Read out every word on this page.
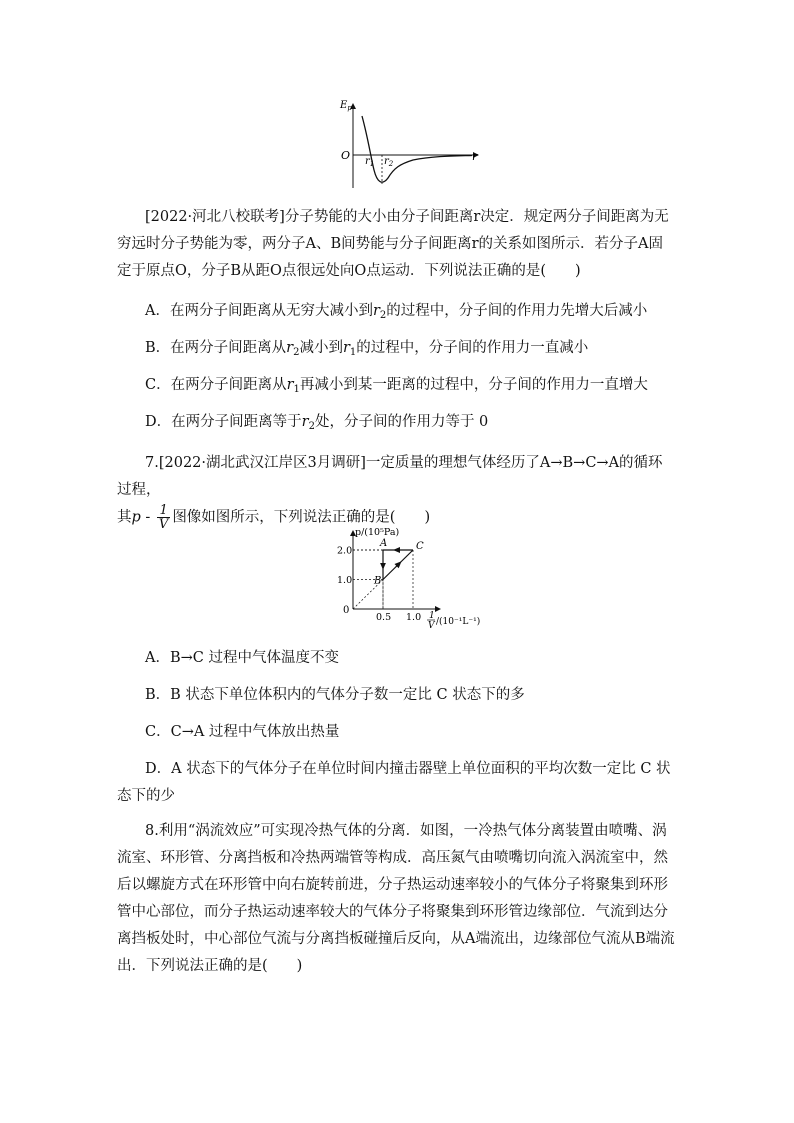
$E_p$
O $r_1$ $r_2$
r
[2022·河北八校联考]分子势能的大小由分子间距离r决定．规定两分子间距离为无穷远时分子势能为零，两分子A、B间势能与分子间距离r的关系如图所示．若分子A固定于原点O，分子B从距O点很远处向O点运动．下列说法正确的是(　　)
A．在两分子间距离从无穷大减小到$r_2$的过程中，分子间的作用力先增大后减小
B．在两分子间距离从$r_2$减小到$r_1$的过程中，分子间的作用力一直减小
C．在两分子间距离从$r_1$再减小到某一距离的过程中，分子间的作用力一直增大
D．在两分子间距离等于$r_2$处，分子间的作用力等于 0
7.[2022·湖北武汉江岸区3月调研]一定质量的理想气体经历了A→B→C→A的循环过程，
其p - $\frac{1}{V}$ 图像如图所示，下列说法正确的是(　　)
0.5 1.0
1.0
2.0
A
B
C
p/(10⁵Pa)
0	1
V /(10⁻¹L⁻¹)
A．B→C 过程中气体温度不变
B．B 状态下单位体积内的气体分子数一定比 C 状态下的多
C．C→A 过程中气体放出热量
D．A 状态下的气体分子在单位时间内撞击器壁上单位面积的平均次数一定比 C 状态下的少
8.利用“涡流效应”可实现冷热气体的分离．如图，一冷热气体分离装置由喷嘴、涡流室、环形管、分离挡板和冷热两端管等构成．高压氮气由喷嘴切向流入涡流室中，然后以螺旋方式在环形管中向右旋转前进，分子热运动速率较小的气体分子将聚集到环形管中心部位，而分子热运动速率较大的气体分子将聚集到环形管边缘部位．气流到达分离挡板处时，中心部位气流与分离挡板碰撞后反向，从A端流出，边缘部位气流从B端流出．下列说法正确的是(　　)
